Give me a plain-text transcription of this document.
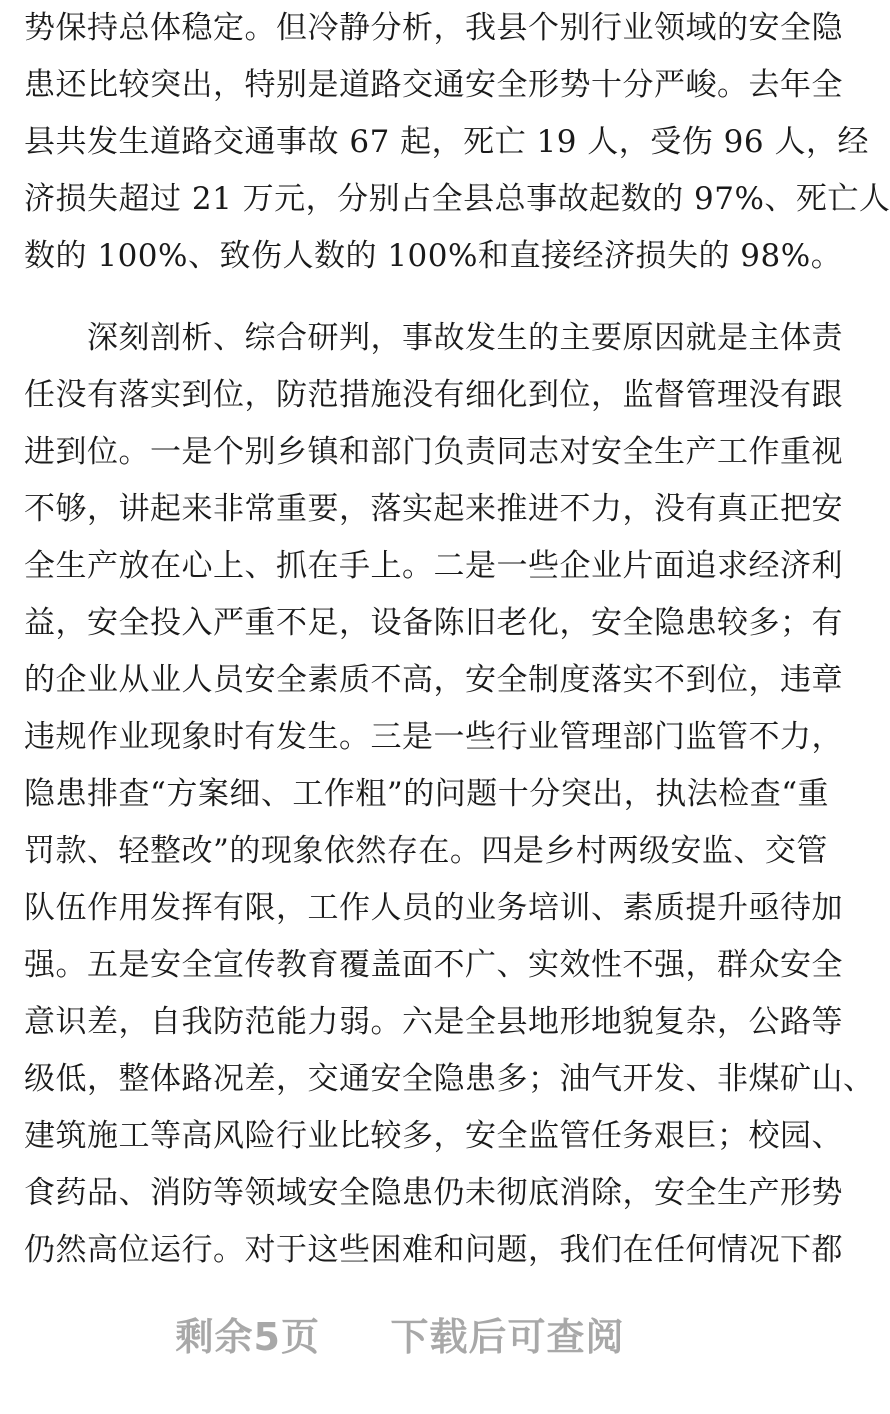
势保持总体稳定。但冷静分析，我县个别行业领域的安全隐
患还比较突出，特别是道路交通安全形势十分严峻。去年全
县共发生道路交通事故 67 起，死亡 19 人，受伤 96 人，经
济损失超过 21 万元，分别占全县总事故起数的 97%、死亡人
数的 100%、致伤人数的 100%和直接经济损失的 98%。
　　深刻剖析、综合研判，事故发生的主要原因就是主体责
任没有落实到位，防范措施没有细化到位，监督管理没有跟
进到位。一是个别乡镇和部门负责同志对安全生产工作重视
不够，讲起来非常重要，落实起来推进不力，没有真正把安
全生产放在心上、抓在手上。二是一些企业片面追求经济利
益，安全投入严重不足，设备陈旧老化，安全隐患较多；有
的企业从业人员安全素质不高，安全制度落实不到位，违章
违规作业现象时有发生。三是一些行业管理部门监管不力，
隐患排查“方案细、工作粗”的问题十分突出，执法检查“重
罚款、轻整改”的现象依然存在。四是乡村两级安监、交管
队伍作用发挥有限，工作人员的业务培训、素质提升亟待加
强。五是安全宣传教育覆盖面不广、实效性不强，群众安全
意识差，自我防范能力弱。六是全县地形地貌复杂，公路等
级低，整体路况差，交通安全隐患多；油气开发、非煤矿山、
建筑施工等高风险行业比较多，安全监管任务艰巨；校园、
食药品、消防等领域安全隐患仍未彻底消除，安全生产形势
仍然高位运行。对于这些困难和问题，我们在任何情况下都
剩余5页 下载后可查阅
